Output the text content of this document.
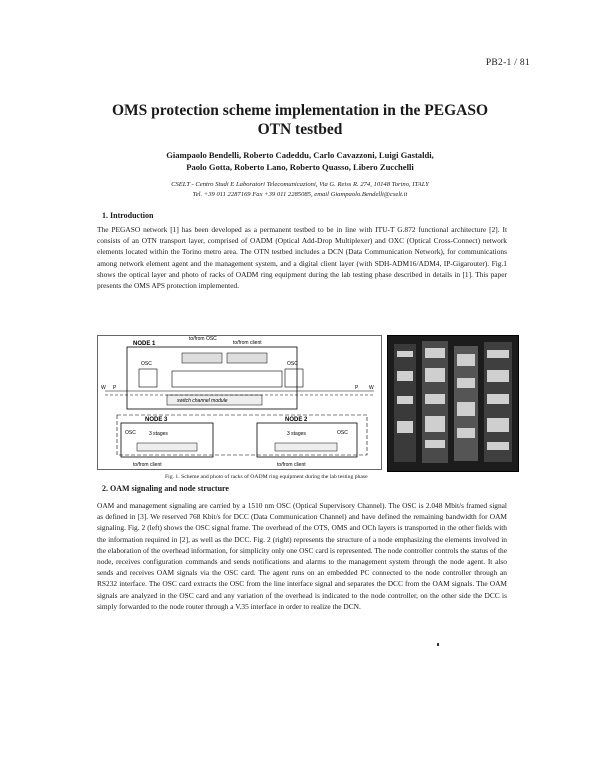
PB2-1 / 81
OMS protection scheme implementation in the PEGASO
OTN testbed
Giampaolo Bendelli, Roberto Cadeddu, Carlo Cavazzoni, Luigi Gastaldi,
Paolo Gotta, Roberto Lano, Roberto Quasso, Libero Zucchelli
CSELT - Centro Studi E Laboratori Telecomunicazioni, Via G. Reiss R. 274, 10148 Torino, ITALY
Tel. +39 011 2287169 Fax +39 011 2285085, email Giampaolo.Bendelli@cselt.it
1. Introduction

The PEGASO network [1] has been developed as a permanent testbed to be in line with ITU-T G.872 functional architecture [2]. It consists of an OTN transport layer, comprised of OADM (Optical Add-Drop Multiplexer) and OXC (Optical Cross-Connect) network elements located within the Torino metro area. The OTN testbed includes a DCN (Data Communication Network), for communications among network element agent and the management system, and a digital client layer (with SDH-ADM16/ADM4, IP-Gigarouter). Fig.1 shows the optical layer and photo of racks of OADM ring equipment during the lab testing phase described in details in [1]. This paper presents the OMS APS protection implemented.

NODE 1
to/from OSC
to/from client
OSC
switch channel module
OSC
W P	P W
NODE 3
3 stages
OSC
to/from client
NODE 2
3 stages	OSC
to/from client
Fig. 1. Scheme and photo of racks of OADM ring equipment during the lab testing phase
2. OAM signaling and node structure

OAM and management signaling are carried by a 1510 nm OSC (Optical Supervisory Channel). The OSC is 2.048 Mbit/s framed signal as defined in [3]. We reserved 768 Kbit/s for DCC (Data Communication Channel) and have defined the remaining bandwidth for OAM signaling. Fig. 2 (left) shows the OSC signal frame. The overhead of the OTS, OMS and OCh layers is transported in the other fields with the information required in [2], as well as the DCC. Fig. 2 (right) represents the structure of a node emphasizing the elements involved in the elaboration of the overhead information, for simplicity only one OSC card is represented. The node controller controls the status of the node, receives configuration commands and sends notifications and alarms to the management system through the node agent. It also sends and receives OAM signals via the OSC card. The agent runs on an embedded PC connected to the node controller through an RS232 interface. The OSC card extracts the OSC from the line interface signal and separates the DCC from the OAM signals. The OAM signals are analyzed in the OSC card and any variation of the overhead is indicated to the node controller, on the other side the DCC is simply forwarded to the node router through a V.35 interface in order to realize the DCN.
